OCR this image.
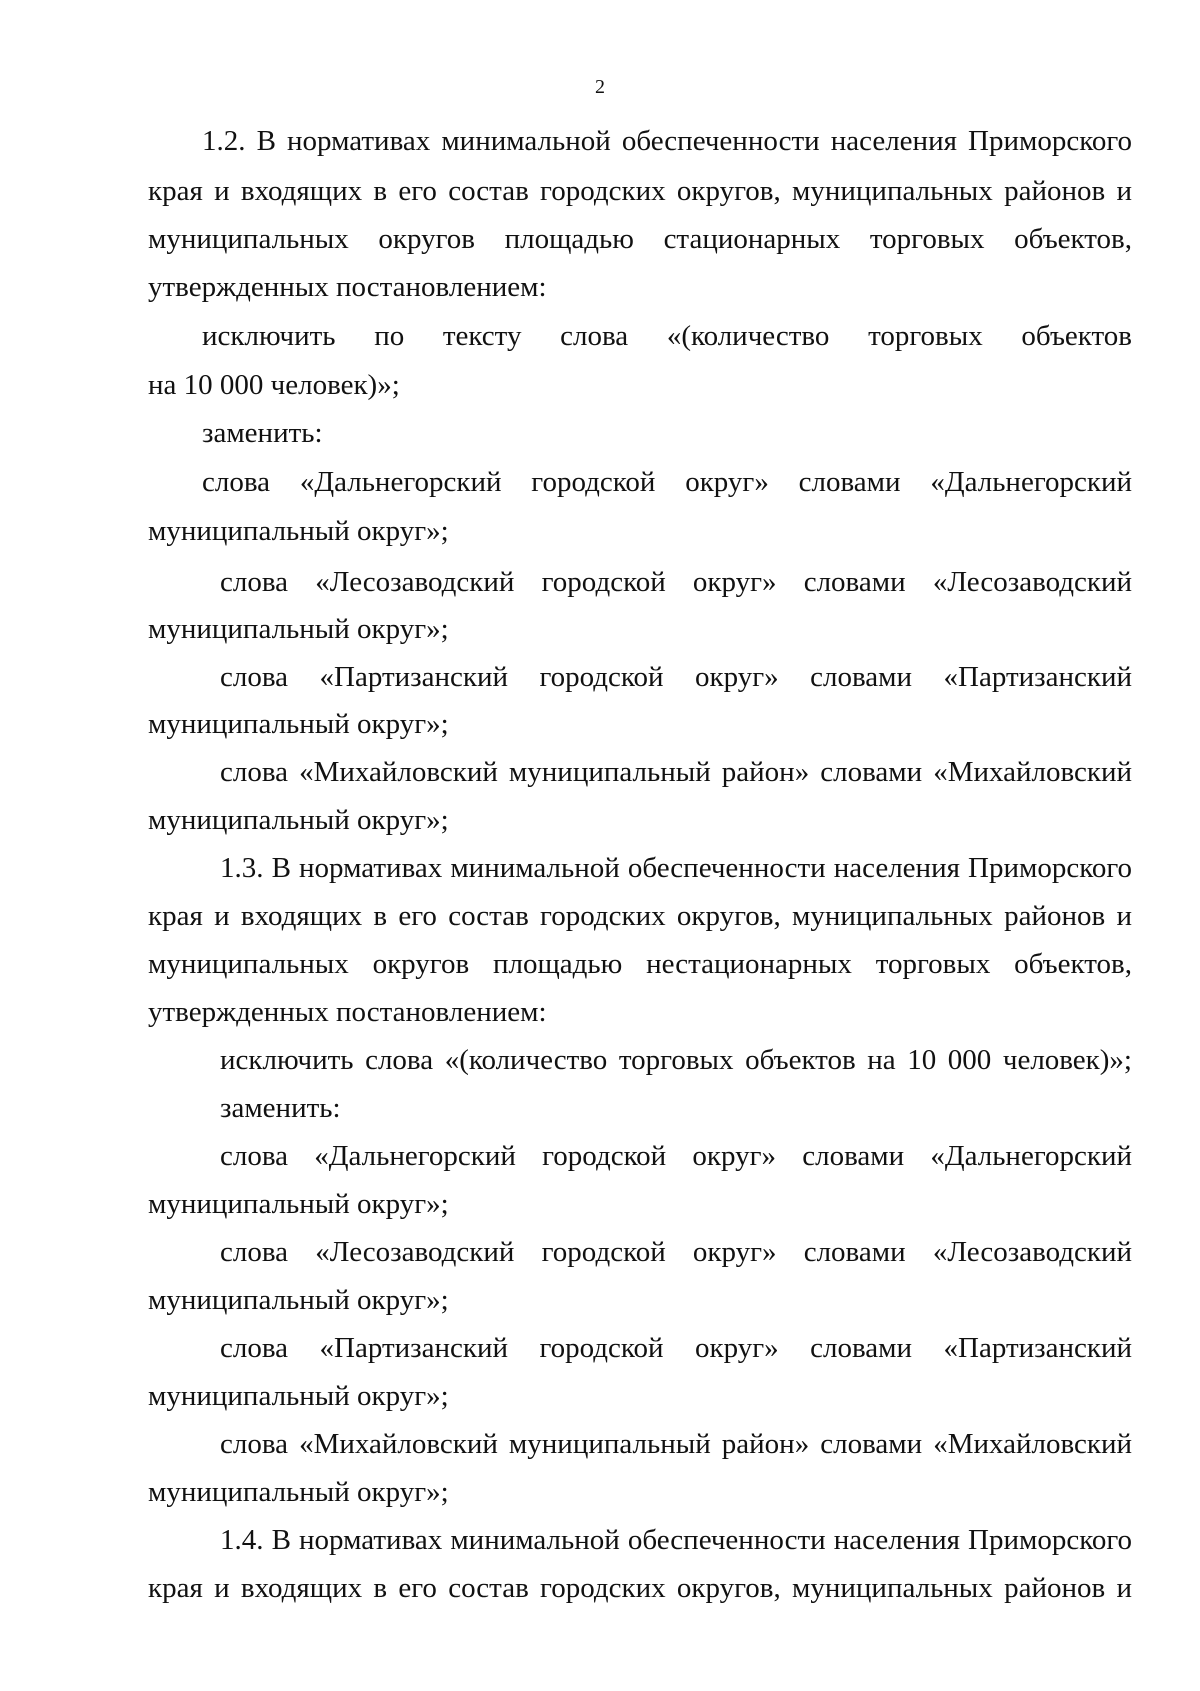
2
1.2. В нормативах минимальной обеспеченности населения Приморского
края и входящих в его состав городских округов, муниципальных районов и
муниципальных округов площадью стационарных торговых объектов,
утвержденных постановлением:
исключить по тексту слова «(количество торговых объектов
на 10 000 человек)»;
заменить:
слова «Дальнегорский городской округ» словами «Дальнегорский
муниципальный округ»;
слова «Лесозаводский городской округ» словами «Лесозаводский
муниципальный округ»;
слова «Партизанский городской округ» словами «Партизанский
муниципальный округ»;
слова «Михайловский муниципальный район» словами «Михайловский
муниципальный округ»;
1.3. В нормативах минимальной обеспеченности населения Приморского
края и входящих в его состав городских округов, муниципальных районов и
муниципальных округов площадью нестационарных торговых объектов,
утвержденных постановлением:
исключить слова «(количество торговых объектов на 10 000 человек)»;
заменить:
слова «Дальнегорский городской округ» словами «Дальнегорский
муниципальный округ»;
слова «Лесозаводский городской округ» словами «Лесозаводский
муниципальный округ»;
слова «Партизанский городской округ» словами «Партизанский
муниципальный округ»;
слова «Михайловский муниципальный район» словами «Михайловский
муниципальный округ»;
1.4. В нормативах минимальной обеспеченности населения Приморского
края и входящих в его состав городских округов, муниципальных районов и
